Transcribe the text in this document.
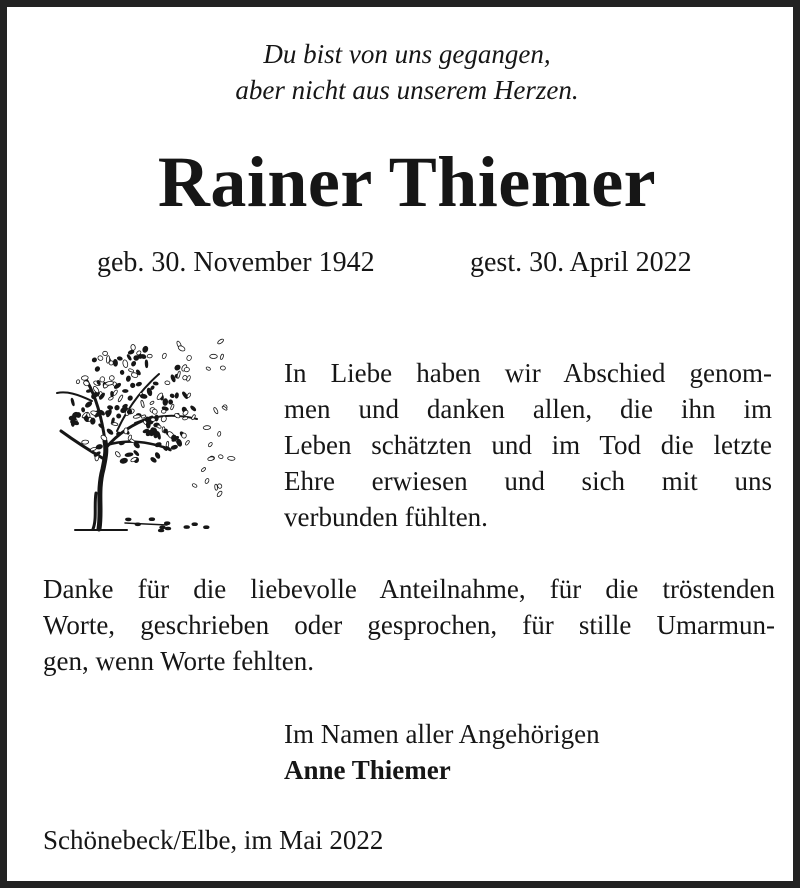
Du bist von uns gegangen,

aber nicht aus unserem Herzen.

Rainer Thiemer

geb. 30. November 1942	gest. 30. April 2022

In Liebe haben wir Abschied genom-
men und danken allen, die ihn im
Leben schätzten und im Tod die letzte
Ehre erwiesen und sich mit uns
verbunden fühlten.
Danke für die liebevolle Anteilnahme, für die tröstenden
Worte, geschrieben oder gesprochen, für stille Umarmun-
gen, wenn Worte fehlten.

Im Namen aller Angehörigen

Anne Thiemer

Schönebeck/Elbe, im Mai 2022
